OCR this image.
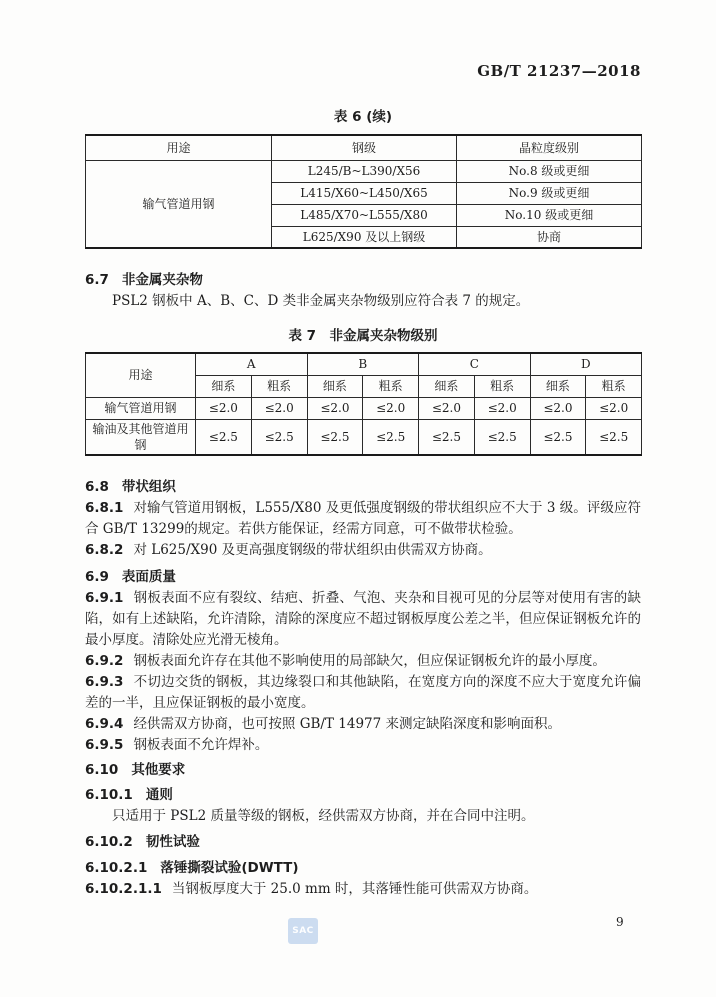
GB/T 21237—2018
表 6 (续)
用途	钢级	晶粒度级别
输气管道用钢	L245/B~L390/X56	No.8 级或更细
	L415/X60~L450/X65	No.9 级或更细
	L485/X70~L555/X80	No.10 级或更细
	L625/X90 及以上钢级	协商
6.7 非金属夹杂物

PSL2 钢板中 A、B、C、D 类非金属夹杂物级别应符合表 7 的规定。

表 7　非金属夹杂物级别
用途	A		B		C		D	
	细系	粗系	细系	粗系	细系	粗系	细系	粗系
输气管道用钢	≤2.0	≤2.0	≤2.0	≤2.0	≤2.0	≤2.0	≤2.0	≤2.0
输油及其他管道用钢	≤2.5	≤2.5	≤2.5	≤2.5	≤2.5	≤2.5	≤2.5	≤2.5
6.8 带状组织

6.8.1 对输气管道用钢板，L555/X80 及更低强度钢级的带状组织应不大于 3 级。评级应符合 GB/T 13299的规定。若供方能保证，经需方同意，可不做带状检验。

6.8.2 对 L625/X90 及更高强度钢级的带状组织由供需双方协商。

6.9 表面质量

6.9.1 钢板表面不应有裂纹、结疤、折叠、气泡、夹杂和目视可见的分层等对使用有害的缺陷，如有上述缺陷，允许清除，清除的深度应不超过钢板厚度公差之半，但应保证钢板允许的最小厚度。清除处应光滑无棱角。

6.9.2 钢板表面允许存在其他不影响使用的局部缺欠，但应保证钢板允许的最小厚度。

6.9.3 不切边交货的钢板，其边缘裂口和其他缺陷，在宽度方向的深度不应大于宽度允许偏差的一半，且应保证钢板的最小宽度。

6.9.4 经供需双方协商，也可按照 GB/T 14977 来测定缺陷深度和影响面积。

6.9.5 钢板表面不允许焊补。

6.10 其他要求
6.10.1 通则

只适用于 PSL2 质量等级的钢板，经供需双方协商，并在合同中注明。

6.10.2 韧性试验
6.10.2.1 落锤撕裂试验(DWTT)

6.10.2.1.1 当钢板厚度大于 25.0 mm 时，其落锤性能可供需双方协商。

SAC
9
